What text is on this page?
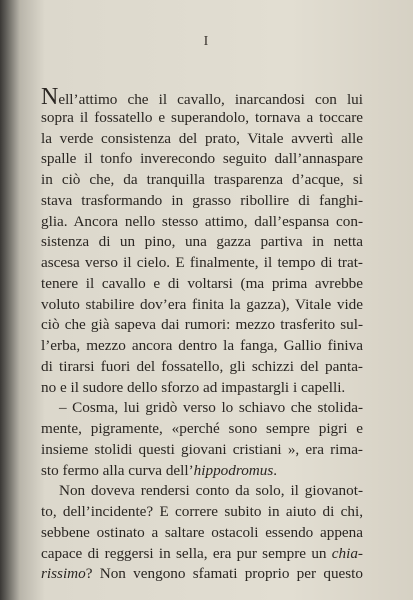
I
Nell’attimo che il cavallo, inarcandosi con lui
sopra il fossatello e superandolo, tornava a toccare
la verde consistenza del prato, Vitale avvertì alle
spalle il tonfo inverecondo seguito dall’annaspare
in ciò che, da tranquilla trasparenza d’acque, si
stava trasformando in grasso ribollire di fanghi-
glia. Ancora nello stesso attimo, dall’espansa con-
sistenza di un pino, una gazza partiva in netta
ascesa verso il cielo. E finalmente, il tempo di trat-
tenere il cavallo e di voltarsi (ma prima avrebbe
voluto stabilire dov’era finita la gazza), Vitale vide
ciò che già sapeva dai rumori: mezzo trasferito sul-
l’erba, mezzo ancora dentro la fanga, Gallio finiva
di tirarsi fuori del fossatello, gli schizzi del panta-
no e il sudore dello sforzo ad impastargli i capelli.
– Cosma, lui gridò verso lo schiavo che stolida-
mente, pigramente, «perché sono sempre pigri e
insieme stolidi questi giovani cristiani », era rima-
sto fermo alla curva dell’hippodromus.
Non doveva rendersi conto da solo, il giovanot-
to, dell’incidente? E correre subito in aiuto di chi,
sebbene ostinato a saltare ostacoli essendo appena
capace di reggersi in sella, era pur sempre un chia-
rissimo? Non vengono sfamati proprio per questo
